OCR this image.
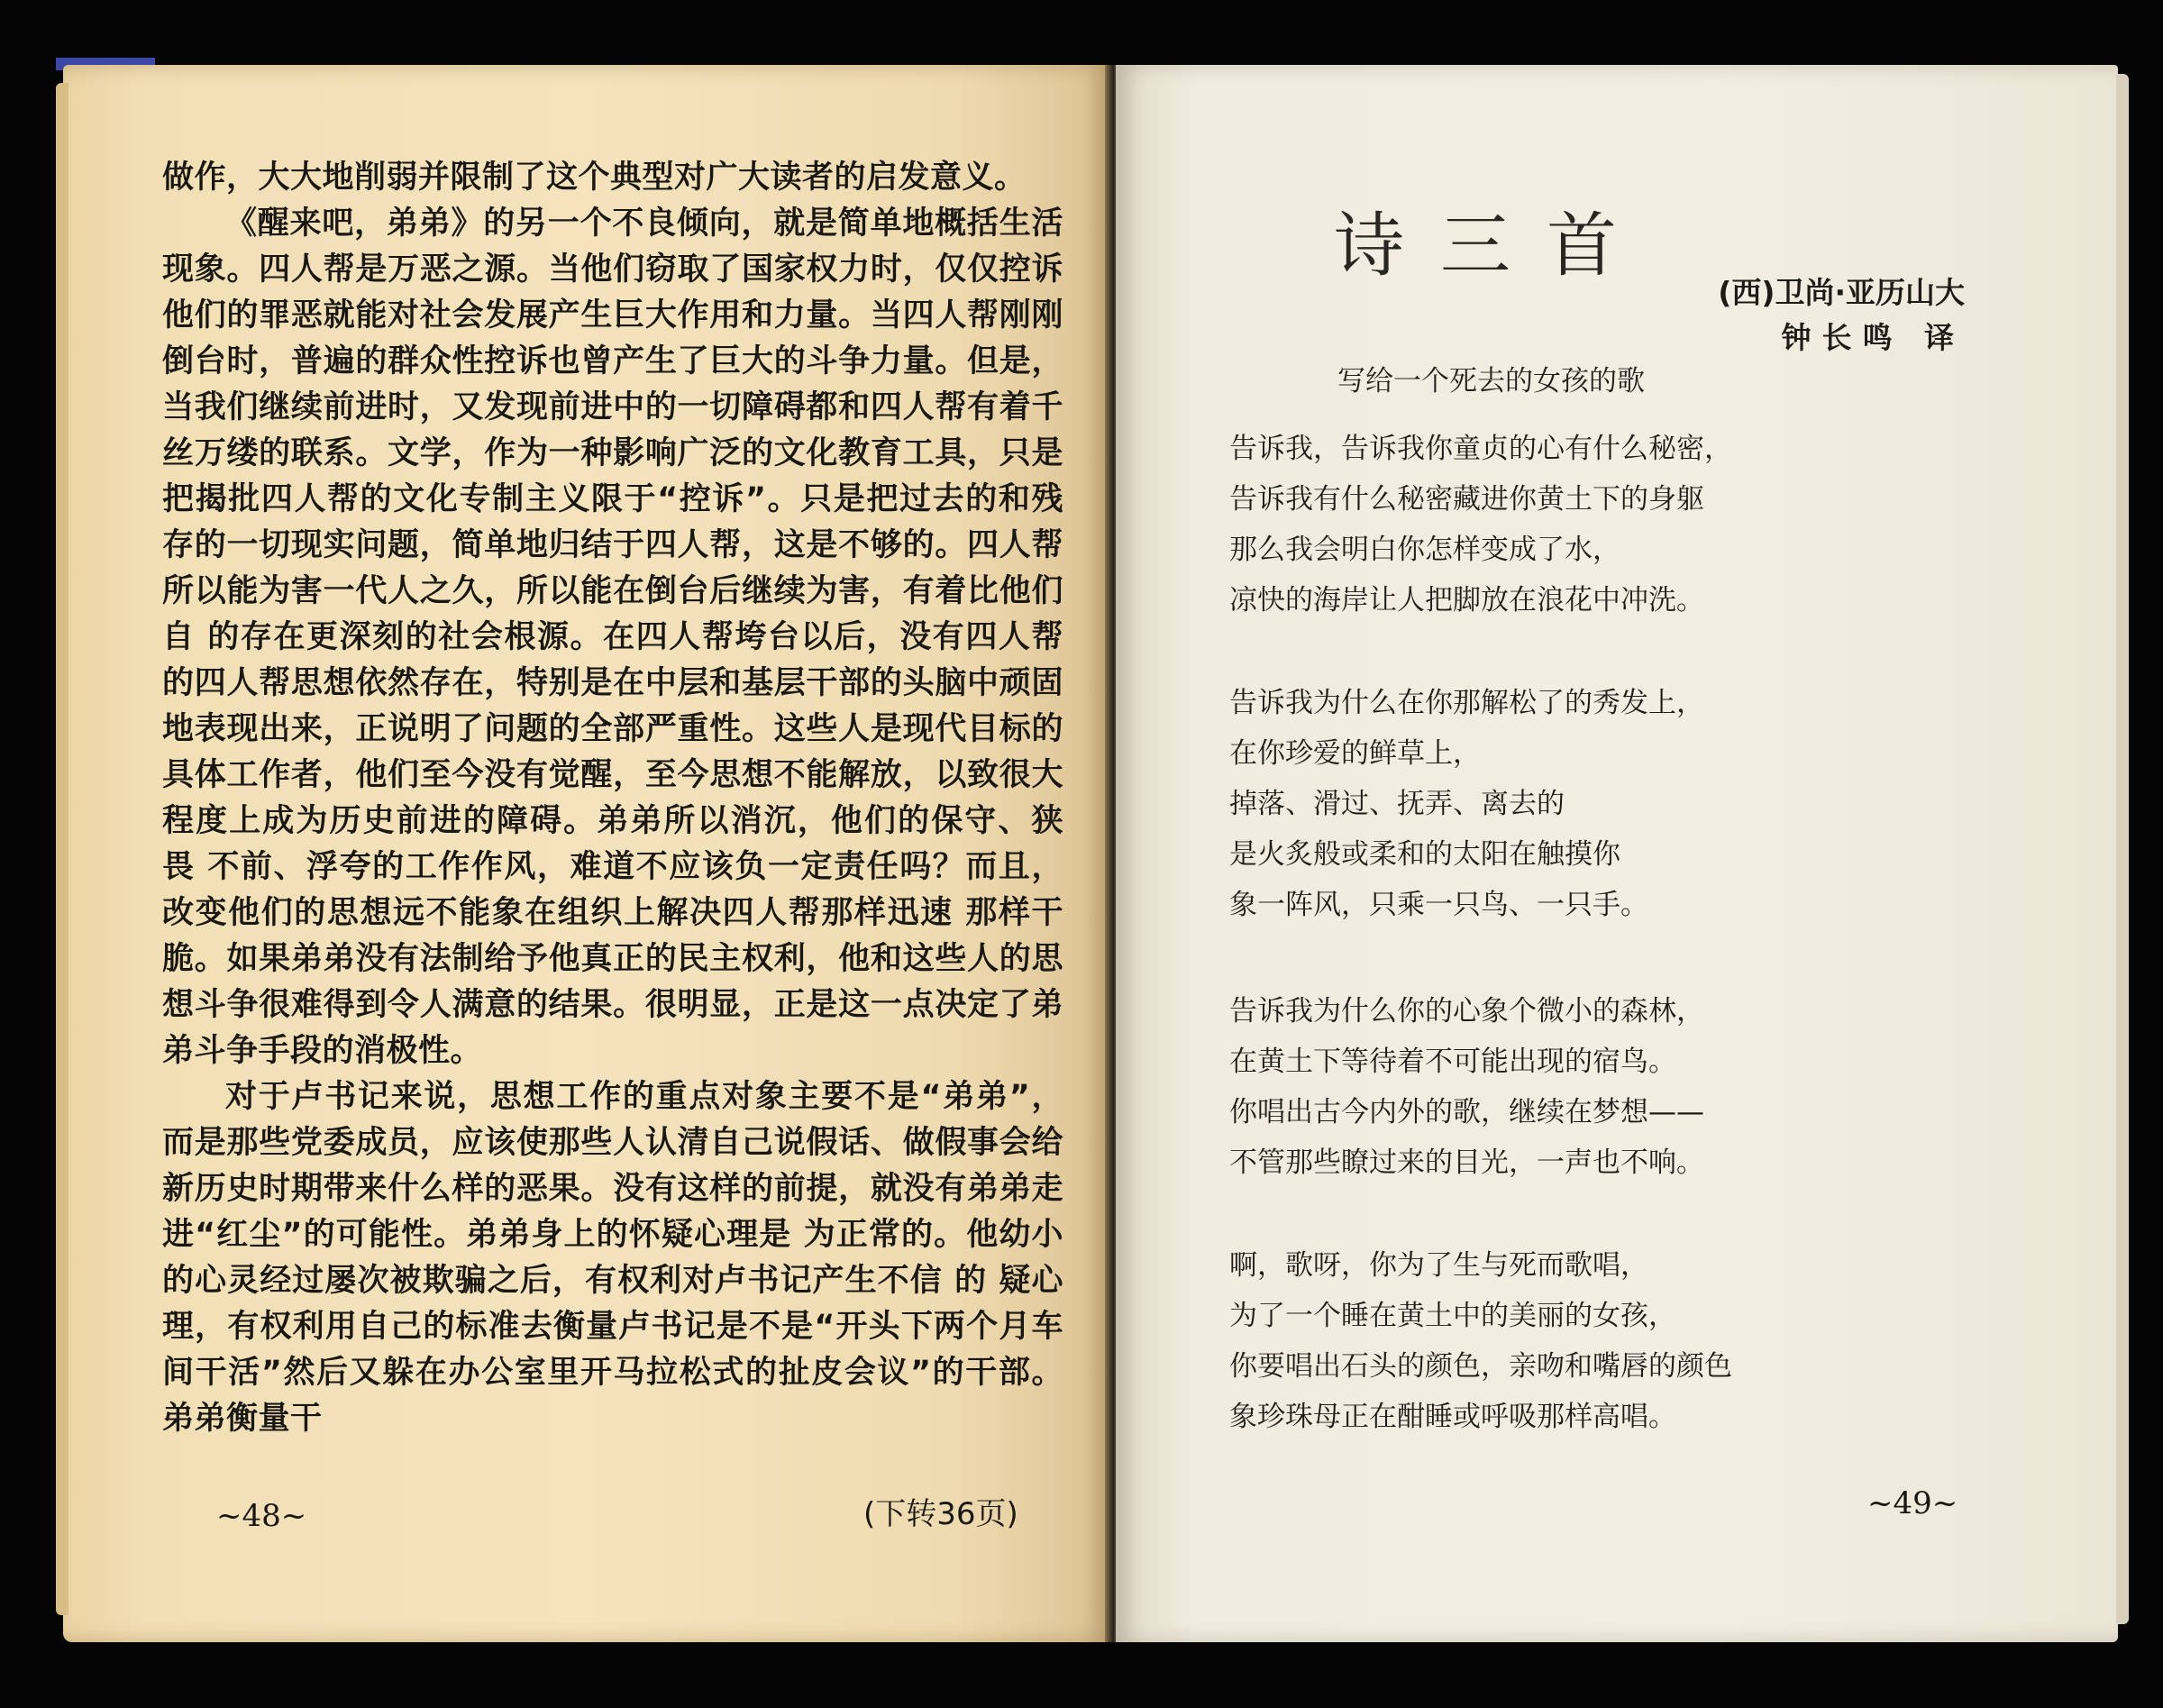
做作，大大地削弱并限制了这个典型对广大读者的启发意义。

《醒来吧，弟弟》的另一个不良倾向，就是简单地概括生活现象。四人帮是万恶之源。当他们窃取了国家权力时，仅仅控诉他们的罪恶就能对社会发展产生巨大作用和力量。当四人帮刚刚倒台时，普遍的群众性控诉也曾产生了巨大的斗争力量。但是，当我们继续前进时，又发现前进中的一切障碍都和四人帮有着千丝万缕的联系。文学，作为一种影响广泛的文化教育工具，只是把揭批四人帮的文化专制主义限于“控诉”。只是把过去的和残存的一切现实问题，简单地归结于四人帮，这是不够的。四人帮所以能为害一代人之久，所以能在倒台后继续为害，有着比他们自 的存在更深刻的社会根源。在四人帮垮台以后，没有四人帮的四人帮思想依然存在，特别是在中层和基层干部的头脑中顽固地表现出来，正说明了问题的全部严重性。这些人是现代目标的具体工作者，他们至今没有觉醒，至今思想不能解放，以致很大程度上成为历史前进的障碍。弟弟所以消沉，他们的保守、狭 畏 不前、浮夸的工作作风，难道不应该负一定责任吗？而且，改变他们的思想远不能象在组织上解决四人帮那样迅速 那样干脆。如果弟弟没有法制给予他真正的民主权利，他和这些人的思想斗争很难得到令人满意的结果。很明显，正是这一点决定了弟弟斗争手段的消极性。

对于卢书记来说，思想工作的重点对象主要不是“弟弟”，而是那些党委成员，应该使那些人认清自己说假话、做假事会给新历史时期带来什么样的恶果。没有这样的前提，就没有弟弟走进“红尘”的可能性。弟弟身上的怀疑心理是 为正常的。他幼小的心灵经过屡次被欺骗之后，有权利对卢书记产生不信 的 疑心理，有权利用自己的标准去衡量卢书记是不是“开头下两个月车间干活”然后又躲在办公室里开马拉松式的扯皮会议”的干部。弟弟衡量干

~48~	(下转36页)
诗三首
(西)卫尚·亚历山大
钟长鸣 译
写给一个死去的女孩的歌
告诉我，告诉我你童贞的心有什么秘密，
告诉我有什么秘密藏进你黄土下的身躯
那么我会明白你怎样变成了水，
凉快的海岸让人把脚放在浪花中冲洗。
告诉我为什么在你那解松了的秀发上，
在你珍爱的鲜草上，
掉落、滑过、抚弄、离去的
是火炙般或柔和的太阳在触摸你
象一阵风，只乘一只鸟、一只手。
告诉我为什么你的心象个微小的森林，
在黄土下等待着不可能出现的宿鸟。
你唱出古今内外的歌，继续在梦想——
不管那些瞭过来的目光，一声也不响。
啊，歌呀，你为了生与死而歌唱，
为了一个睡在黄土中的美丽的女孩，
你要唱出石头的颜色，亲吻和嘴唇的颜色
象珍珠母正在酣睡或呼吸那样高唱。
~49~
